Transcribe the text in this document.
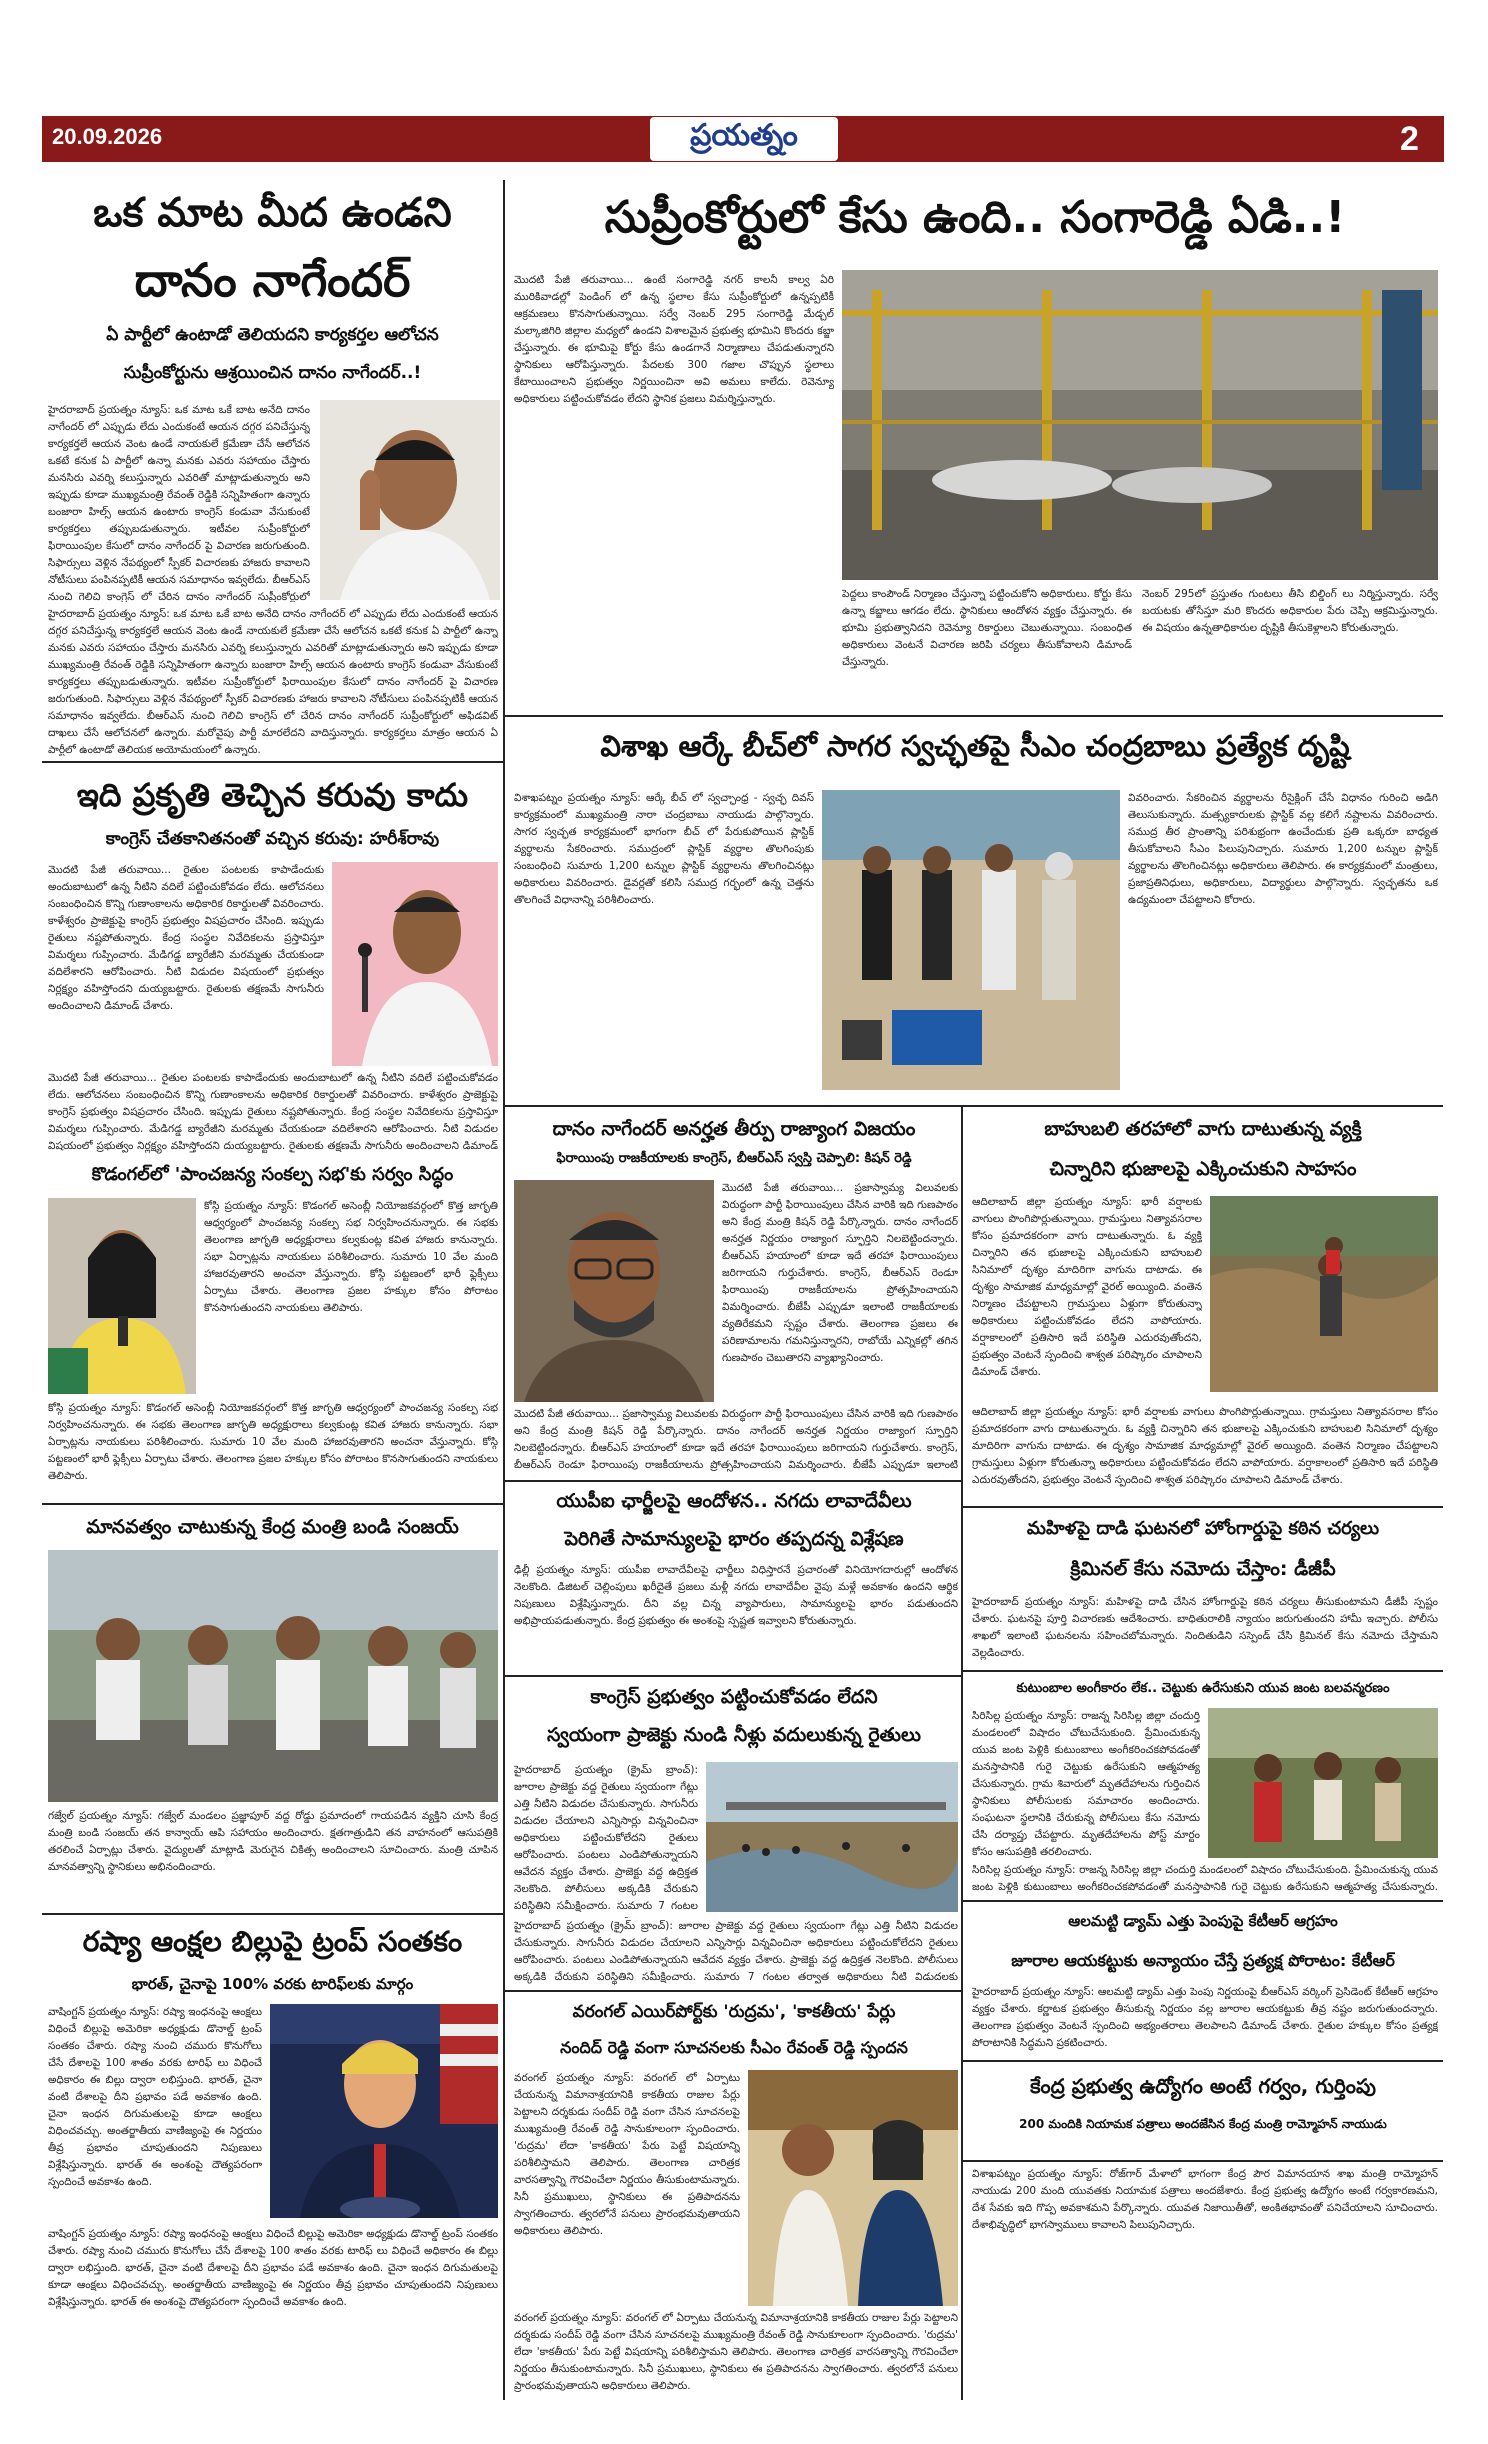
20.09.2026	ప్రయత్నం	2
ఒక మాట మీద ఉండని
దానం నాగేందర్
ఏ పార్టీలో ఉంటాడో తెలియదని కార్యకర్తల ఆలోచన
సుప్రీంకోర్టును ఆశ్రయించిన దానం నాగేందర్..!
హైదరాబాద్ ప్రయత్నం న్యూస్: ఒక మాట ఒకే బాట అనేది దానం నాగేందర్ లో ఎప్పుడు లేదు ఎందుకంటే ఆయన దగ్గర పనిచేస్తున్న కార్యకర్తలే ఆయన వెంట ఉండే నాయకులే క్రమేణా చేసే ఆలోచన ఒకటే కనుక ఏ పార్టీలో ఉన్నా మనకు ఎవరు సహాయం చేస్తారు మనసిరు ఎవర్ని కలుస్తున్నారు ఎవరితో మాట్లాడుతున్నారు అని ఇప్పుడు కూడా ముఖ్యమంత్రి రేవంత్ రెడ్డికి సన్నిహితంగా ఉన్నారు బంజారా హిల్స్ ఆయన ఉంటారు కాంగ్రెస్ కండువా వేసుకుంటే కార్యకర్తలు తప్పుబడుతున్నారు. ఇటీవల సుప్రీంకోర్టులో ఫిరాయింపుల కేసులో దానం నాగేందర్ పై విచారణ జరుగుతుంది. సిఫార్సులు వెళ్లిన నేపథ్యంలో స్పీకర్ విచారణకు హాజరు కావాలని నోటీసులు పంపినప్పటికీ ఆయన సమాధానం ఇవ్వలేదు. బీఆర్ఎస్ నుంచి గెలిచి కాంగ్రెస్ లో చేరిన దానం నాగేందర్ సుప్రీంకోర్టులో
హైదరాబాద్ ప్రయత్నం న్యూస్: ఒక మాట ఒకే బాట అనేది దానం నాగేందర్ లో ఎప్పుడు లేదు ఎందుకంటే ఆయన దగ్గర పనిచేస్తున్న కార్యకర్తలే ఆయన వెంట ఉండే నాయకులే క్రమేణా చేసే ఆలోచన ఒకటే కనుక ఏ పార్టీలో ఉన్నా మనకు ఎవరు సహాయం చేస్తారు మనసిరు ఎవర్ని కలుస్తున్నారు ఎవరితో మాట్లాడుతున్నారు అని ఇప్పుడు కూడా ముఖ్యమంత్రి రేవంత్ రెడ్డికి సన్నిహితంగా ఉన్నారు బంజారా హిల్స్ ఆయన ఉంటారు కాంగ్రెస్ కండువా వేసుకుంటే కార్యకర్తలు తప్పుబడుతున్నారు. ఇటీవల సుప్రీంకోర్టులో ఫిరాయింపుల కేసులో దానం నాగేందర్ పై విచారణ జరుగుతుంది. సిఫార్సులు వెళ్లిన నేపథ్యంలో స్పీకర్ విచారణకు హాజరు కావాలని నోటీసులు పంపినప్పటికీ ఆయన సమాధానం ఇవ్వలేదు. బీఆర్ఎస్ నుంచి గెలిచి కాంగ్రెస్ లో చేరిన దానం నాగేందర్ సుప్రీంకోర్టులో అఫిడవిట్ దాఖలు చేసే ఆలోచనలో ఉన్నారు. మరోవైపు పార్టీ మారలేదని వాదిస్తున్నారు. కార్యకర్తలు మాత్రం ఆయన ఏ పార్టీలో ఉంటాడో తెలియక అయోమయంలో ఉన్నారు.
సుప్రీంకోర్టులో కేసు ఉంది.. సంగారెడ్డి ఏడి..!
మొదటి పేజీ తరువాయి... ఉంటే సంగారెడ్డి నగర్ కాలనీ కాల్వ ఏరి మురికివాడల్లో పెండింగ్ లో ఉన్న స్థలాల కేసు సుప్రీంకోర్టులో ఉన్నప్పటికీ ఆక్రమణలు కొనసాగుతున్నాయి. సర్వే నెంబర్ 295 సంగారెడ్డి మేడ్చల్ మల్కాజిగిరి జిల్లాల మధ్యలో ఉండని విశాలమైన ప్రభుత్వ భూమిని కొందరు కబ్జా చేస్తున్నారు. ఈ భూమిపై కోర్టు కేసు ఉండగానే నిర్మాణాలు చేపడుతున్నారని స్థానికులు ఆరోపిస్తున్నారు. పేదలకు 300 గజాల చొప్పున స్థలాలు కేటాయించాలని ప్రభుత్వం నిర్ణయించినా అవి అమలు కాలేదు. రెవెన్యూ అధికారులు పట్టించుకోవడం లేదని స్థానిక ప్రజలు విమర్శిస్తున్నారు.
పెద్దలు కాంపౌండ్ నిర్మాణం చేస్తున్నా పట్టించుకోని అధికారులు. కోర్టు కేసు ఉన్నా కబ్జాలు ఆగడం లేదు. స్థానికులు ఆందోళన వ్యక్తం చేస్తున్నారు. ఈ భూమి ప్రభుత్వానిదని రెవెన్యూ రికార్డులు చెబుతున్నాయి. సంబంధిత అధికారులు వెంటనే విచారణ జరిపి చర్యలు తీసుకోవాలని డిమాండ్ చేస్తున్నారు.
నెంబర్ 295లో ప్రస్తుతం గుంటలు తీసి బిల్డింగ్ లు నిర్మిస్తున్నారు. సర్వే బయటకు తోసేస్తూ మరి కొందరు అధికారుల పేరు చెప్పి ఆక్రమిస్తున్నారు. ఈ విషయం ఉన్నతాధికారుల దృష్టికి తీసుకెళ్లాలని కోరుతున్నారు.
విశాఖ ఆర్కే బీచ్‌లో సాగర స్వచ్ఛతపై సీఎం చంద్రబాబు ప్రత్యేక దృష్టి
విశాఖపట్నం ప్రయత్నం న్యూస్: ఆర్కే బీచ్ లో స్వచ్ఛాంధ్ర - స్వచ్ఛ దివస్ కార్యక్రమంలో ముఖ్యమంత్రి నారా చంద్రబాబు నాయుడు పాల్గొన్నారు. సాగర స్వచ్ఛత కార్యక్రమంలో భాగంగా బీచ్ లో పేరుకుపోయిన ప్లాస్టిక్ వ్యర్థాలను సేకరించారు. సముద్రంలో ప్లాస్టిక్ వ్యర్థాల తొలగింపుకు సంబంధించి సుమారు 1,200 టన్నుల ప్లాస్టిక్ వ్యర్థాలను తొలగించినట్లు అధికారులు వివరించారు. డైవర్లతో కలిసి సముద్ర గర్భంలో ఉన్న చెత్తను తొలగించే విధానాన్ని పరిశీలించారు.
వివరించారు. సేకరించిన వ్యర్థాలను రీసైక్లింగ్ చేసే విధానం గురించి అడిగి తెలుసుకున్నారు. మత్స్యకారులకు ప్లాస్టిక్ వల్ల కలిగే నష్టాలను వివరించారు. సముద్ర తీర ప్రాంతాన్ని పరిశుభ్రంగా ఉంచేందుకు ప్రతి ఒక్కరూ బాధ్యత తీసుకోవాలని సీఎం పిలుపునిచ్చారు. సుమారు 1,200 టన్నుల ప్లాస్టిక్ వ్యర్థాలను తొలగించినట్లు అధికారులు తెలిపారు. ఈ కార్యక్రమంలో మంత్రులు, ప్రజాప్రతినిధులు, అధికారులు, విద్యార్థులు పాల్గొన్నారు. స్వచ్ఛతను ఒక ఉద్యమంలా చేపట్టాలని కోరారు.
ఇది ప్రకృతి తెచ్చిన కరువు కాదు
కాంగ్రెస్ చేతకానితనంతో వచ్చిన కరువు: హరీశ్‌రావు
మొదటి పేజీ తరువాయి... రైతుల పంటలకు కాపాడేందుకు అందుబాటులో ఉన్న నీటిని వదిలే పట్టించుకోవడం లేదు. ఆలోచనలు సంబంధించిన కొన్ని గుణాంకాలను అధికారిక రికార్డులతో వివరించారు. కాళేశ్వరం ప్రాజెక్టుపై కాంగ్రెస్ ప్రభుత్వం విషప్రచారం చేసింది. ఇప్పుడు రైతులు నష్టపోతున్నారు. కేంద్ర సంస్థల నివేదికలను ప్రస్తావిస్తూ విమర్శలు గుప్పించారు. మేడిగడ్డ బ్యారేజీని మరమ్మతు చేయకుండా వదిలేశారని ఆరోపించారు. నీటి విడుదల విషయంలో ప్రభుత్వం నిర్లక్ష్యం వహిస్తోందని దుయ్యబట్టారు. రైతులకు తక్షణమే సాగునీరు అందించాలని డిమాండ్ చేశారు.
మొదటి పేజీ తరువాయి... రైతుల పంటలకు కాపాడేందుకు అందుబాటులో ఉన్న నీటిని వదిలే పట్టించుకోవడం లేదు. ఆలోచనలు సంబంధించిన కొన్ని గుణాంకాలను అధికారిక రికార్డులతో వివరించారు. కాళేశ్వరం ప్రాజెక్టుపై కాంగ్రెస్ ప్రభుత్వం విషప్రచారం చేసింది. ఇప్పుడు రైతులు నష్టపోతున్నారు. కేంద్ర సంస్థల నివేదికలను ప్రస్తావిస్తూ విమర్శలు గుప్పించారు. మేడిగడ్డ బ్యారేజీని మరమ్మతు చేయకుండా వదిలేశారని ఆరోపించారు. నీటి విడుదల విషయంలో ప్రభుత్వం నిర్లక్ష్యం వహిస్తోందని దుయ్యబట్టారు. రైతులకు తక్షణమే సాగునీరు అందించాలని డిమాండ్
కొడంగల్‌లో 'పాంచజన్య సంకల్ప సభ'కు సర్వం సిద్ధం
కోస్గి ప్రయత్నం న్యూస్: కొడంగల్ అసెంబ్లీ నియోజకవర్గంలో కొత్త జాగృతి ఆధ్వర్యంలో పాంచజన్య సంకల్ప సభ నిర్వహించనున్నారు. ఈ సభకు తెలంగాణ జాగృతి అధ్యక్షురాలు కల్వకుంట్ల కవిత హాజరు కానున్నారు. సభా ఏర్పాట్లను నాయకులు పరిశీలించారు. సుమారు 10 వేల మంది హాజరవుతారని అంచనా వేస్తున్నారు. కోస్గి పట్టణంలో భారీ ఫ్లెక్సీలు ఏర్పాటు చేశారు. తెలంగాణ ప్రజల హక్కుల కోసం పోరాటం కొనసాగుతుందని నాయకులు తెలిపారు.
కోస్గి ప్రయత్నం న్యూస్: కొడంగల్ అసెంబ్లీ నియోజకవర్గంలో కొత్త జాగృతి ఆధ్వర్యంలో పాంచజన్య సంకల్ప సభ నిర్వహించనున్నారు. ఈ సభకు తెలంగాణ జాగృతి అధ్యక్షురాలు కల్వకుంట్ల కవిత హాజరు కానున్నారు. సభా ఏర్పాట్లను నాయకులు పరిశీలించారు. సుమారు 10 వేల మంది హాజరవుతారని అంచనా వేస్తున్నారు. కోస్గి పట్టణంలో భారీ ఫ్లెక్సీలు ఏర్పాటు చేశారు. తెలంగాణ ప్రజల హక్కుల కోసం పోరాటం కొనసాగుతుందని నాయకులు తెలిపారు.
మానవత్వం చాటుకున్న కేంద్ర మంత్రి బండి సంజయ్
గజ్వేల్ ప్రయత్నం న్యూస్: గజ్వేల్ మండలం ప్రజ్ఞాపూర్ వద్ద రోడ్డు ప్రమాదంలో గాయపడిన వ్యక్తిని చూసి కేంద్ర మంత్రి బండి సంజయ్ తన కాన్వాయ్ ఆపి సహాయం అందించారు. క్షతగాత్రుడిని తన వాహనంలో ఆసుపత్రికి తరలించే ఏర్పాట్లు చేశారు. వైద్యులతో మాట్లాడి మెరుగైన చికిత్స అందించాలని సూచించారు. మంత్రి చూపిన మానవత్వాన్ని స్థానికులు అభినందించారు.
రష్యా ఆంక్షల బిల్లుపై ట్రంప్ సంతకం
భారత్, చైనాపై 100% వరకు టారిఫ్‌లకు మార్గం
వాషింగ్టన్ ప్రయత్నం న్యూస్: రష్యా ఇంధనంపై ఆంక్షలు విధించే బిల్లుపై అమెరికా అధ్యక్షుడు డొనాల్డ్ ట్రంప్ సంతకం చేశారు. రష్యా నుంచి చమురు కొనుగోలు చేసే దేశాలపై 100 శాతం వరకు టారిఫ్ లు విధించే అధికారం ఈ బిల్లు ద్వారా లభిస్తుంది. భారత్, చైనా వంటి దేశాలపై దీని ప్రభావం పడే అవకాశం ఉంది. చైనా ఇంధన దిగుమతులపై కూడా ఆంక్షలు విధించవచ్చు. అంతర్జాతీయ వాణిజ్యంపై ఈ నిర్ణయం తీవ్ర ప్రభావం చూపుతుందని నిపుణులు విశ్లేషిస్తున్నారు. భారత్ ఈ అంశంపై దౌత్యపరంగా స్పందించే అవకాశం ఉంది.
వాషింగ్టన్ ప్రయత్నం న్యూస్: రష్యా ఇంధనంపై ఆంక్షలు విధించే బిల్లుపై అమెరికా అధ్యక్షుడు డొనాల్డ్ ట్రంప్ సంతకం చేశారు. రష్యా నుంచి చమురు కొనుగోలు చేసే దేశాలపై 100 శాతం వరకు టారిఫ్ లు విధించే అధికారం ఈ బిల్లు ద్వారా లభిస్తుంది. భారత్, చైనా వంటి దేశాలపై దీని ప్రభావం పడే అవకాశం ఉంది. చైనా ఇంధన దిగుమతులపై కూడా ఆంక్షలు విధించవచ్చు. అంతర్జాతీయ వాణిజ్యంపై ఈ నిర్ణయం తీవ్ర ప్రభావం చూపుతుందని నిపుణులు విశ్లేషిస్తున్నారు. భారత్ ఈ అంశంపై దౌత్యపరంగా స్పందించే అవకాశం ఉంది.
దానం నాగేందర్ అనర్హత తీర్పు రాజ్యాంగ విజయం
ఫిరాయింపు రాజకీయాలకు కాంగ్రెస్, బీఆర్ఎస్ స్వస్తి చెప్పాలి: కిషన్ రెడ్డి
మొదటి పేజీ తరువాయి... ప్రజాస్వామ్య విలువలకు విరుద్ధంగా పార్టీ ఫిరాయింపులు చేసిన వారికి ఇది గుణపాఠం అని కేంద్ర మంత్రి కిషన్ రెడ్డి పేర్కొన్నారు. దానం నాగేందర్ అనర్హత నిర్ణయం రాజ్యాంగ స్ఫూర్తిని నిలబెట్టిందన్నారు. బీఆర్ఎస్ హయాంలో కూడా ఇదే తరహా ఫిరాయింపులు జరిగాయని గుర్తుచేశారు. కాంగ్రెస్, బీఆర్ఎస్ రెండూ ఫిరాయింపు రాజకీయాలను ప్రోత్సహించాయని విమర్శించారు. బీజేపీ ఎప్పుడూ ఇలాంటి రాజకీయాలకు వ్యతిరేకమని స్పష్టం చేశారు. తెలంగాణ ప్రజలు ఈ పరిణామాలను గమనిస్తున్నారని, రాబోయే ఎన్నికల్లో తగిన గుణపాఠం చెబుతారని వ్యాఖ్యానించారు.
మొదటి పేజీ తరువాయి... ప్రజాస్వామ్య విలువలకు విరుద్ధంగా పార్టీ ఫిరాయింపులు చేసిన వారికి ఇది గుణపాఠం అని కేంద్ర మంత్రి కిషన్ రెడ్డి పేర్కొన్నారు. దానం నాగేందర్ అనర్హత నిర్ణయం రాజ్యాంగ స్ఫూర్తిని నిలబెట్టిందన్నారు. బీఆర్ఎస్ హయాంలో కూడా ఇదే తరహా ఫిరాయింపులు జరిగాయని గుర్తుచేశారు. కాంగ్రెస్, బీఆర్ఎస్ రెండూ ఫిరాయింపు రాజకీయాలను ప్రోత్సహించాయని విమర్శించారు. బీజేపీ ఎప్పుడూ ఇలాంటి
యుపీఐ ఛార్జీలపై ఆందోళన.. నగదు లావాదేవీలు
పెరిగితే సామాన్యులపై భారం తప్పదన్న విశ్లేషణ
ఢిల్లీ ప్రయత్నం న్యూస్: యుపీఐ లావాదేవీలపై ఛార్జీలు విధిస్తారనే ప్రచారంతో వినియోగదారుల్లో ఆందోళన నెలకొంది. డిజిటల్ చెల్లింపులు ఖరీదైతే ప్రజలు మళ్లీ నగదు లావాదేవీల వైపు మళ్లే అవకాశం ఉందని ఆర్థిక నిపుణులు విశ్లేషిస్తున్నారు. దీని వల్ల చిన్న వ్యాపారులు, సామాన్యులపై భారం పడుతుందని అభిప్రాయపడుతున్నారు. కేంద్ర ప్రభుత్వం ఈ అంశంపై స్పష్టత ఇవ్వాలని కోరుతున్నారు.
కాంగ్రెస్ ప్రభుత్వం పట్టించుకోవడం లేదని
స్వయంగా ప్రాజెక్టు నుండి నీళ్లు వదులుకున్న రైతులు
హైదరాబాద్ ప్రయత్నం (క్రైమ్ బ్రాంచ్): జూరాల ప్రాజెక్టు వద్ద రైతులు స్వయంగా గేట్లు ఎత్తి నీటిని విడుదల చేసుకున్నారు. సాగునీరు విడుదల చేయాలని ఎన్నిసార్లు విన్నవించినా అధికారులు పట్టించుకోలేదని రైతులు ఆరోపించారు. పంటలు ఎండిపోతున్నాయని ఆవేదన వ్యక్తం చేశారు. ప్రాజెక్టు వద్ద ఉద్రిక్తత నెలకొంది. పోలీసులు అక్కడికి చేరుకుని పరిస్థితిని సమీక్షించారు. సుమారు 7 గంటల
హైదరాబాద్ ప్రయత్నం (క్రైమ్ బ్రాంచ్): జూరాల ప్రాజెక్టు వద్ద రైతులు స్వయంగా గేట్లు ఎత్తి నీటిని విడుదల చేసుకున్నారు. సాగునీరు విడుదల చేయాలని ఎన్నిసార్లు విన్నవించినా అధికారులు పట్టించుకోలేదని రైతులు ఆరోపించారు. పంటలు ఎండిపోతున్నాయని ఆవేదన వ్యక్తం చేశారు. ప్రాజెక్టు వద్ద ఉద్రిక్తత నెలకొంది. పోలీసులు అక్కడికి చేరుకుని పరిస్థితిని సమీక్షించారు. సుమారు 7 గంటల తర్వాత అధికారులు నీటి విడుదలకు
వరంగల్ ఎయిర్‌పోర్ట్‌కు 'రుద్రమ', 'కాకతీయ' పేర్లు
నందిద్ రెడ్డి వంగా సూచనలకు సీఎం రేవంత్ రెడ్డి స్పందన
వరంగల్ ప్రయత్నం న్యూస్: వరంగల్ లో ఏర్పాటు చేయనున్న విమానాశ్రయానికి కాకతీయ రాజుల పేర్లు పెట్టాలని దర్శకుడు సందీప్ రెడ్డి వంగా చేసిన సూచనలపై ముఖ్యమంత్రి రేవంత్ రెడ్డి సానుకూలంగా స్పందించారు. 'రుద్రమ' లేదా 'కాకతీయ' పేరు పెట్టే విషయాన్ని పరిశీలిస్తామని తెలిపారు. తెలంగాణ చారిత్రక వారసత్వాన్ని గౌరవించేలా నిర్ణయం తీసుకుంటామన్నారు. సినీ ప్రముఖులు, స్థానికులు ఈ ప్రతిపాదనను స్వాగతించారు. త్వరలోనే పనులు ప్రారంభమవుతాయని అధికారులు తెలిపారు.
వరంగల్ ప్రయత్నం న్యూస్: వరంగల్ లో ఏర్పాటు చేయనున్న విమానాశ్రయానికి కాకతీయ రాజుల పేర్లు పెట్టాలని దర్శకుడు సందీప్ రెడ్డి వంగా చేసిన సూచనలపై ముఖ్యమంత్రి రేవంత్ రెడ్డి సానుకూలంగా స్పందించారు. 'రుద్రమ' లేదా 'కాకతీయ' పేరు పెట్టే విషయాన్ని పరిశీలిస్తామని తెలిపారు. తెలంగాణ చారిత్రక వారసత్వాన్ని గౌరవించేలా నిర్ణయం తీసుకుంటామన్నారు. సినీ ప్రముఖులు, స్థానికులు ఈ ప్రతిపాదనను స్వాగతించారు. త్వరలోనే పనులు ప్రారంభమవుతాయని అధికారులు తెలిపారు.
బాహుబలి తరహాలో వాగు దాటుతున్న వ్యక్తి
చిన్నారిని భుజాలపై ఎక్కించుకుని సాహసం
ఆదిలాబాద్ జిల్లా ప్రయత్నం న్యూస్: భారీ వర్షాలకు వాగులు పొంగిపొర్లుతున్నాయి. గ్రామస్తులు నిత్యావసరాల కోసం ప్రమాదకరంగా వాగు దాటుతున్నారు. ఓ వ్యక్తి చిన్నారిని తన భుజాలపై ఎక్కించుకుని బాహుబలి సినిమాలో దృశ్యం మాదిరిగా వాగును దాటాడు. ఈ దృశ్యం సామాజిక మాధ్యమాల్లో వైరల్ అయ్యింది. వంతెన నిర్మాణం చేపట్టాలని గ్రామస్తులు ఏళ్లుగా కోరుతున్నా అధికారులు పట్టించుకోవడం లేదని వాపోయారు. వర్షాకాలంలో ప్రతిసారి ఇదే పరిస్థితి ఎదురవుతోందని, ప్రభుత్వం వెంటనే స్పందించి శాశ్వత పరిష్కారం చూపాలని డిమాండ్ చేశారు.
ఆదిలాబాద్ జిల్లా ప్రయత్నం న్యూస్: భారీ వర్షాలకు వాగులు పొంగిపొర్లుతున్నాయి. గ్రామస్తులు నిత్యావసరాల కోసం ప్రమాదకరంగా వాగు దాటుతున్నారు. ఓ వ్యక్తి చిన్నారిని తన భుజాలపై ఎక్కించుకుని బాహుబలి సినిమాలో దృశ్యం మాదిరిగా వాగును దాటాడు. ఈ దృశ్యం సామాజిక మాధ్యమాల్లో వైరల్ అయ్యింది. వంతెన నిర్మాణం చేపట్టాలని గ్రామస్తులు ఏళ్లుగా కోరుతున్నా అధికారులు పట్టించుకోవడం లేదని వాపోయారు. వర్షాకాలంలో ప్రతిసారి ఇదే పరిస్థితి ఎదురవుతోందని, ప్రభుత్వం వెంటనే స్పందించి శాశ్వత పరిష్కారం చూపాలని డిమాండ్ చేశారు.
మహిళపై దాడి ఘటనలో హోంగార్డుపై కఠిన చర్యలు
క్రిమినల్ కేసు నమోదు చేస్తాం: డీజీపీ
హైదరాబాద్ ప్రయత్నం న్యూస్: మహిళపై దాడి చేసిన హోంగార్డుపై కఠిన చర్యలు తీసుకుంటామని డీజీపీ స్పష్టం చేశారు. ఘటనపై పూర్తి విచారణకు ఆదేశించారు. బాధితురాలికి న్యాయం జరుగుతుందని హామీ ఇచ్చారు. పోలీసు శాఖలో ఇలాంటి ఘటనలను సహించబోమన్నారు. నిందితుడిని సస్పెండ్ చేసి క్రిమినల్ కేసు నమోదు చేస్తామని వెల్లడించారు.
కుటుంబాల అంగీకారం లేక.. చెట్టుకు ఉరేసుకుని యువ జంట బలవన్మరణం
సిరిసిల్ల ప్రయత్నం న్యూస్: రాజన్న సిరిసిల్ల జిల్లా చందుర్తి మండలంలో విషాదం చోటుచేసుకుంది. ప్రేమించుకున్న యువ జంట పెళ్లికి కుటుంబాలు అంగీకరించకపోవడంతో మనస్తాపానికి గురై చెట్టుకు ఉరేసుకుని ఆత్మహత్య చేసుకున్నారు. గ్రామ శివారులో మృతదేహాలను గుర్తించిన స్థానికులు పోలీసులకు సమాచారం అందించారు. సంఘటనా స్థలానికి చేరుకున్న పోలీసులు కేసు నమోదు చేసి దర్యాప్తు చేపట్టారు. మృతదేహాలను పోస్ట్ మార్టం కోసం ఆసుపత్రికి తరలించారు.
సిరిసిల్ల ప్రయత్నం న్యూస్: రాజన్న సిరిసిల్ల జిల్లా చందుర్తి మండలంలో విషాదం చోటుచేసుకుంది. ప్రేమించుకున్న యువ జంట పెళ్లికి కుటుంబాలు అంగీకరించకపోవడంతో మనస్తాపానికి గురై చెట్టుకు ఉరేసుకుని ఆత్మహత్య చేసుకున్నారు.
ఆలమట్టి డ్యామ్ ఎత్తు పెంపుపై కేటీఆర్ ఆగ్రహం
జూరాల ఆయకట్టుకు అన్యాయం చేస్తే ప్రత్యక్ష పోరాటం: కేటీఆర్
హైదరాబాద్ ప్రయత్నం న్యూస్: ఆలమట్టి డ్యామ్ ఎత్తు పెంపు నిర్ణయంపై బీఆర్ఎస్ వర్కింగ్ ప్రెసిడెంట్ కేటీఆర్ ఆగ్రహం వ్యక్తం చేశారు. కర్ణాటక ప్రభుత్వం తీసుకున్న నిర్ణయం వల్ల జూరాల ఆయకట్టుకు తీవ్ర నష్టం జరుగుతుందన్నారు. తెలంగాణ ప్రభుత్వం వెంటనే స్పందించి అభ్యంతరాలు తెలపాలని డిమాండ్ చేశారు. రైతుల హక్కుల కోసం ప్రత్యక్ష పోరాటానికి సిద్ధమని ప్రకటించారు.
కేంద్ర ప్రభుత్వ ఉద్యోగం అంటే గర్వం, గుర్తింపు
200 మందికి నియామక పత్రాలు అందజేసిన కేంద్ర మంత్రి రామ్మోహన్ నాయుడు
విశాఖపట్నం ప్రయత్నం న్యూస్: రోజ్‌గార్ మేళాలో భాగంగా కేంద్ర పౌర విమానయాన శాఖ మంత్రి రామ్మోహన్ నాయుడు 200 మంది యువతకు నియామక పత్రాలు అందజేశారు. కేంద్ర ప్రభుత్వ ఉద్యోగం అంటే గర్వకారణమని, దేశ సేవకు ఇది గొప్ప అవకాశమని పేర్కొన్నారు. యువత నిజాయితీతో, అంకితభావంతో పనిచేయాలని సూచించారు. దేశాభివృద్ధిలో భాగస్వాములు కావాలని పిలుపునిచ్చారు.
